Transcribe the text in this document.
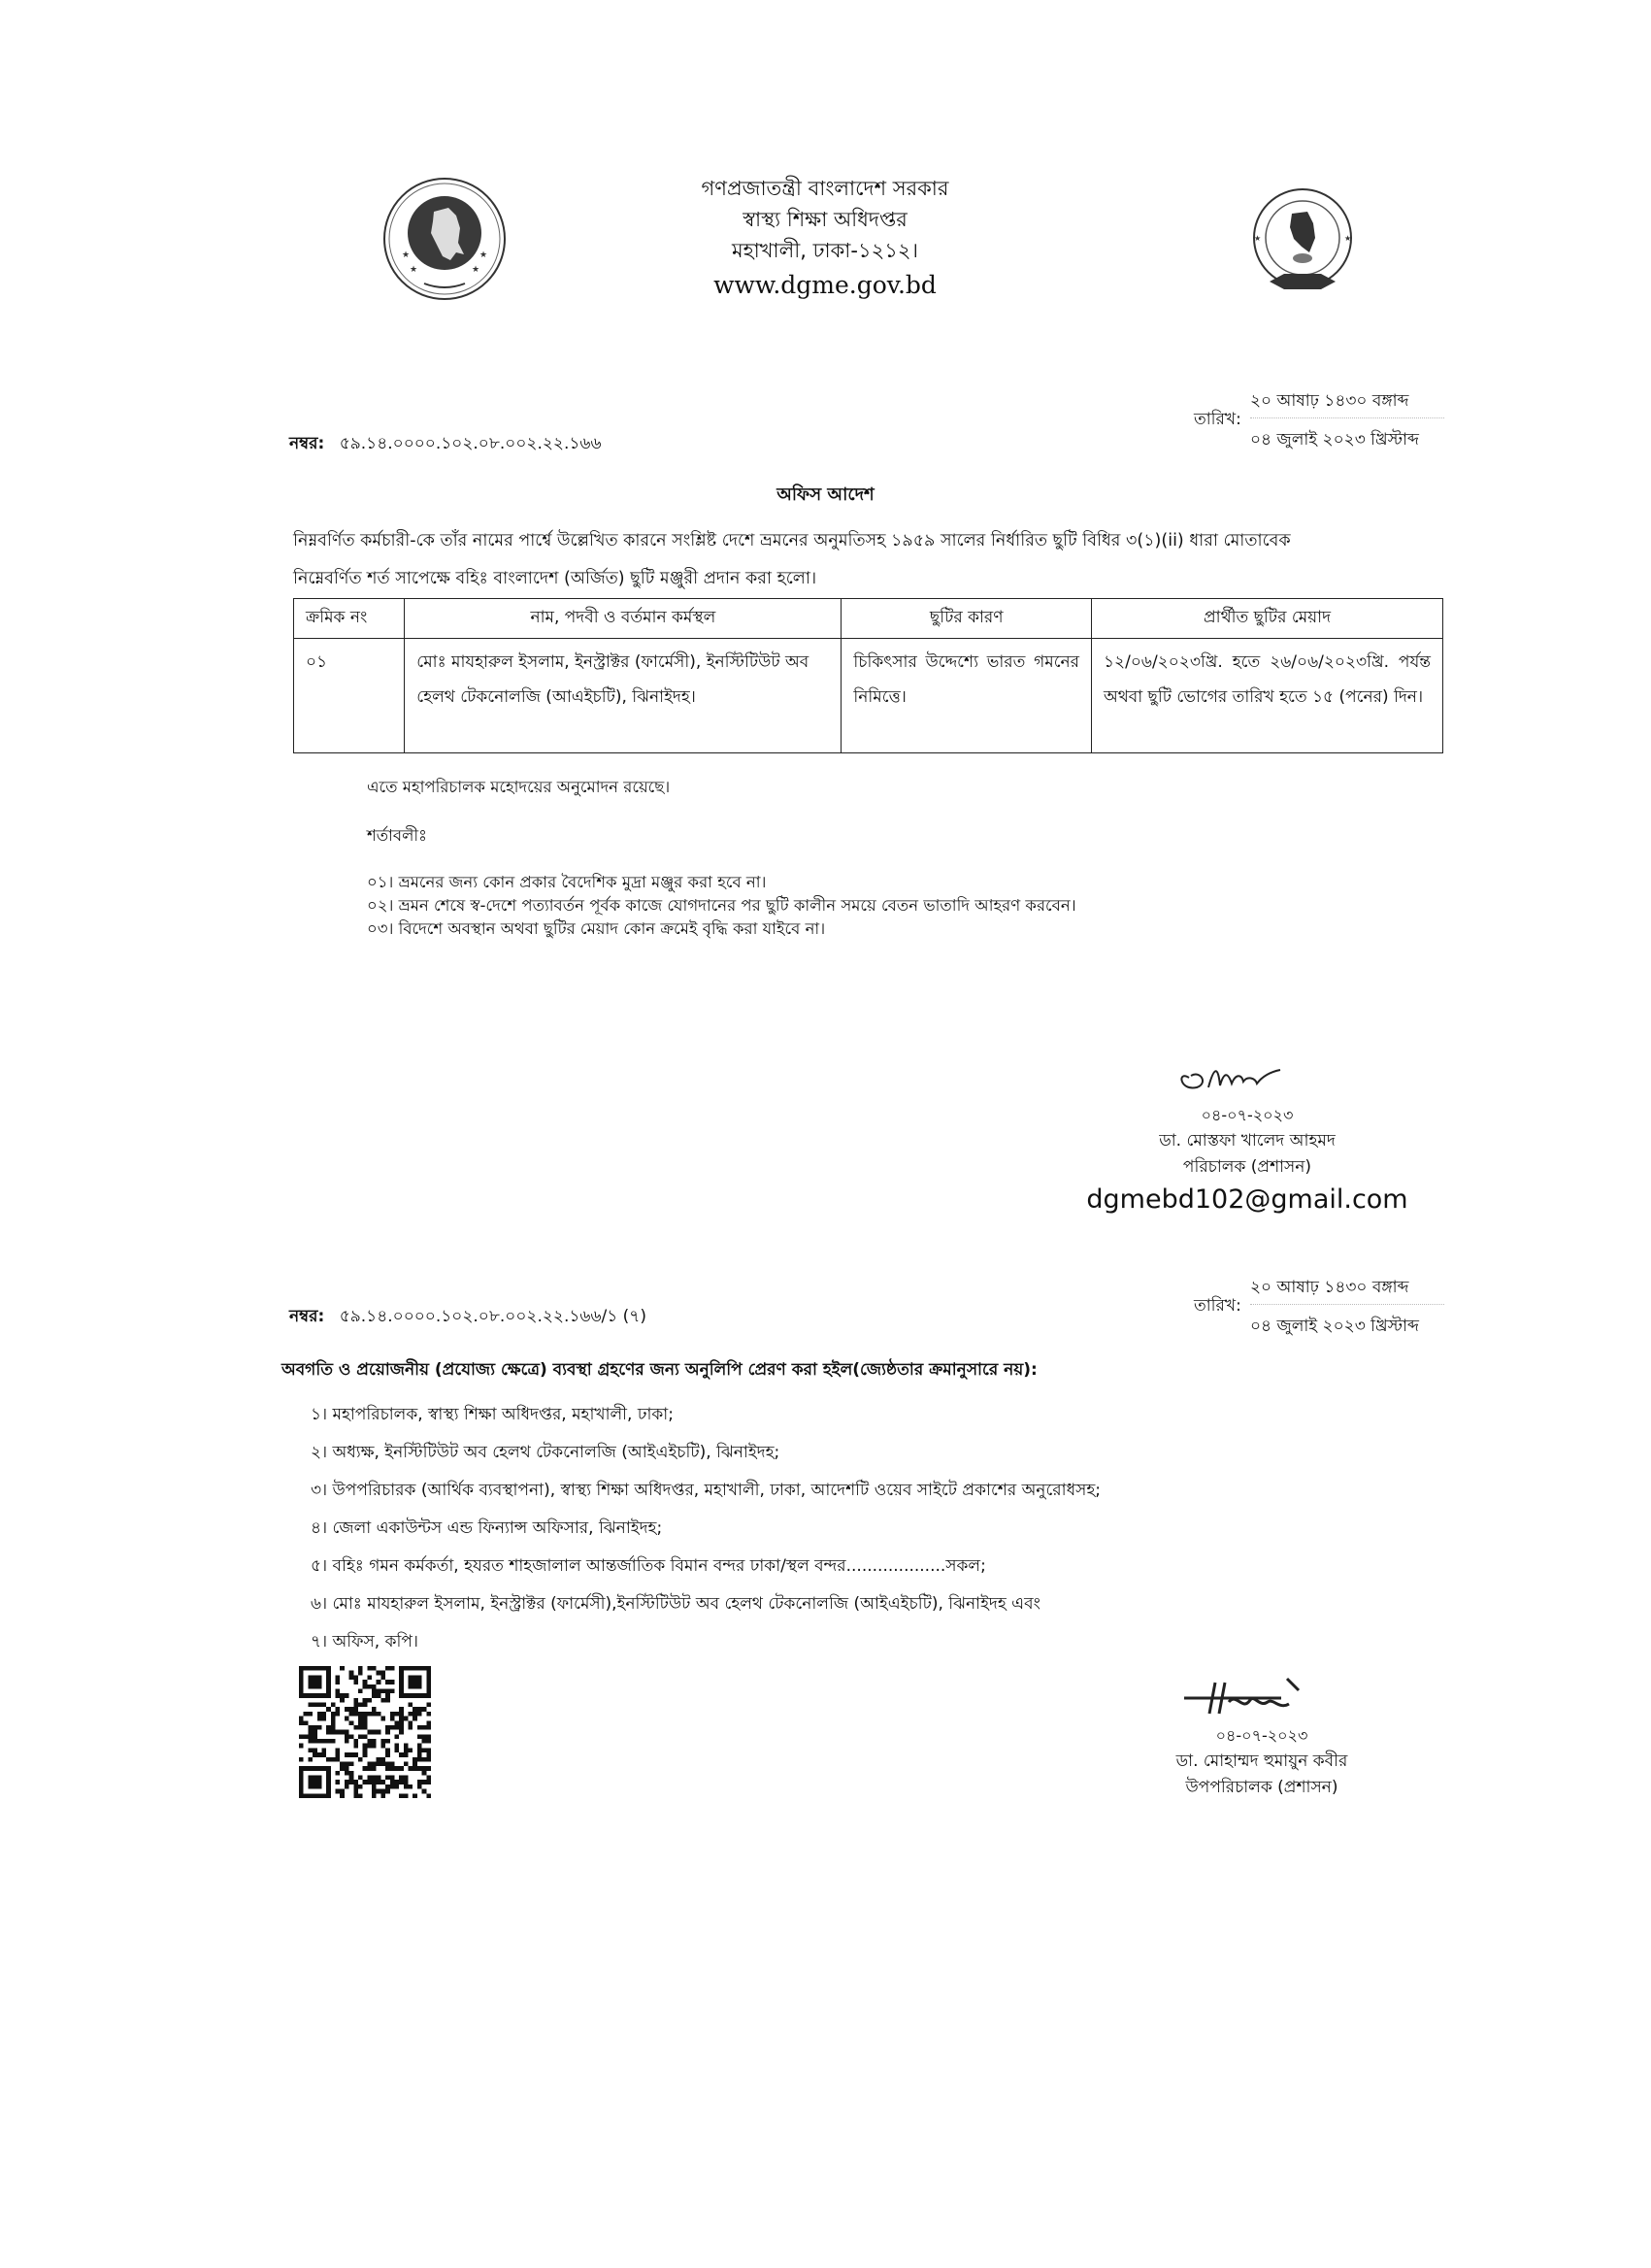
★	★
★	★
গণপ্রজাতন্ত্রী বাংলাদেশ সরকার
স্বাস্থ্য শিক্ষা অধিদপ্তর
মহাখালী, ঢাকা-১২১২।
www.dgme.gov.bd
★	★
নম্বর: ৫৯.১৪.০০০০.১০২.০৮.০০২.২২.১৬৬
তারিখ:
২০ আষাঢ় ১৪৩০ বঙ্গাব্দ
০৪ জুলাই ২০২৩ খ্রিস্টাব্দ
অফিস আদেশ
নিম্নবর্ণিত কর্মচারী-কে তাঁর নামের পার্শ্বে উল্লেখিত কারনে সংশ্লিষ্ট দেশে ভ্রমনের অনুমতিসহ ১৯৫৯ সালের নির্ধারিত ছুটি বিধির ৩(১)(ii) ধারা মোতাবেক
নিম্নেবর্ণিত শর্ত সাপেক্ষে বহিঃ বাংলাদেশ (অর্জিত) ছুটি মঞ্জুরী প্রদান করা হলো।
ক্রমিক নং	নাম, পদবী ও বর্তমান কর্মস্থল	ছুটির কারণ	প্রার্থীত ছুটির মেয়াদ
০১	মোঃ মাযহারুল ইসলাম, ইনস্ট্রাক্টর (ফার্মেসী), ইনস্টিটিউট অব হেলথ টেকনোলজি (আএইচটি), ঝিনাইদহ।	চিকিৎসার উদ্দেশ্যে ভারত গমনের নিমিত্তে।	১২/০৬/২০২৩খ্রি. হতে ২৬/০৬/২০২৩খ্রি. পর্যন্ত অথবা ছুটি ভোগের তারিখ হতে ১৫ (পনের) দিন।
এতে মহাপরিচালক মহোদয়ের অনুমোদন রয়েছে।
শর্তাবলীঃ
০১। ভ্রমনের জন্য কোন প্রকার বৈদেশিক মুদ্রা মঞ্জুর করা হবে না।
০২। ভ্রমন শেষে স্ব-দেশে পত্যাবর্তন পূর্বক কাজে যোগদানের পর ছুটি কালীন সময়ে বেতন ভাতাদি আহরণ করবেন।
০৩। বিদেশে অবস্থান অথবা ছুটির মেয়াদ কোন ক্রমেই বৃদ্ধি করা যাইবে না।
০৪-০৭-২০২৩
ডা. মোস্তফা খালেদ আহমদ
পরিচালক (প্রশাসন)
dgmebd102@gmail.com
নম্বর: ৫৯.১৪.০০০০.১০২.০৮.০০২.২২.১৬৬/১ (৭)
তারিখ:
২০ আষাঢ় ১৪৩০ বঙ্গাব্দ
০৪ জুলাই ২০২৩ খ্রিস্টাব্দ
অবগতি ও প্রয়োজনীয় (প্রযোজ্য ক্ষেত্রে) ব্যবস্থা গ্রহণের জন্য অনুলিপি প্রেরণ করা হইল(জ্যেষ্ঠতার ক্রমানুসারে নয়):
১। মহাপরিচালক, স্বাস্থ্য শিক্ষা অধিদপ্তর, মহাখালী, ঢাকা;
২। অধ্যক্ষ, ইনস্টিটিউট অব হেলথ টেকনোলজি (আইএইচটি), ঝিনাইদহ;
৩। উপপরিচারক (আর্থিক ব্যবস্থাপনা), স্বাস্থ্য শিক্ষা অধিদপ্তর, মহাখালী, ঢাকা, আদেশটি ওয়েব সাইটে প্রকাশের অনুরোধসহ;
৪। জেলা একাউন্টস এন্ড ফিন্যান্স অফিসার, ঝিনাইদহ;
৫। বহিঃ গমন কর্মকর্তা, হযরত শাহজালাল আন্তর্জাতিক বিমান বন্দর ঢাকা/স্থল বন্দর...................সকল;
৬। মোঃ মাযহারুল ইসলাম, ইনস্ট্রাক্টর (ফার্মেসী),ইনস্টিটিউট অব হেলথ টেকনোলজি (আইএইচটি), ঝিনাইদহ এবং
৭। অফিস, কপি।
০৪-০৭-২০২৩
ডা. মোহাম্মদ হুমায়ুন কবীর
উপপরিচালক (প্রশাসন)
